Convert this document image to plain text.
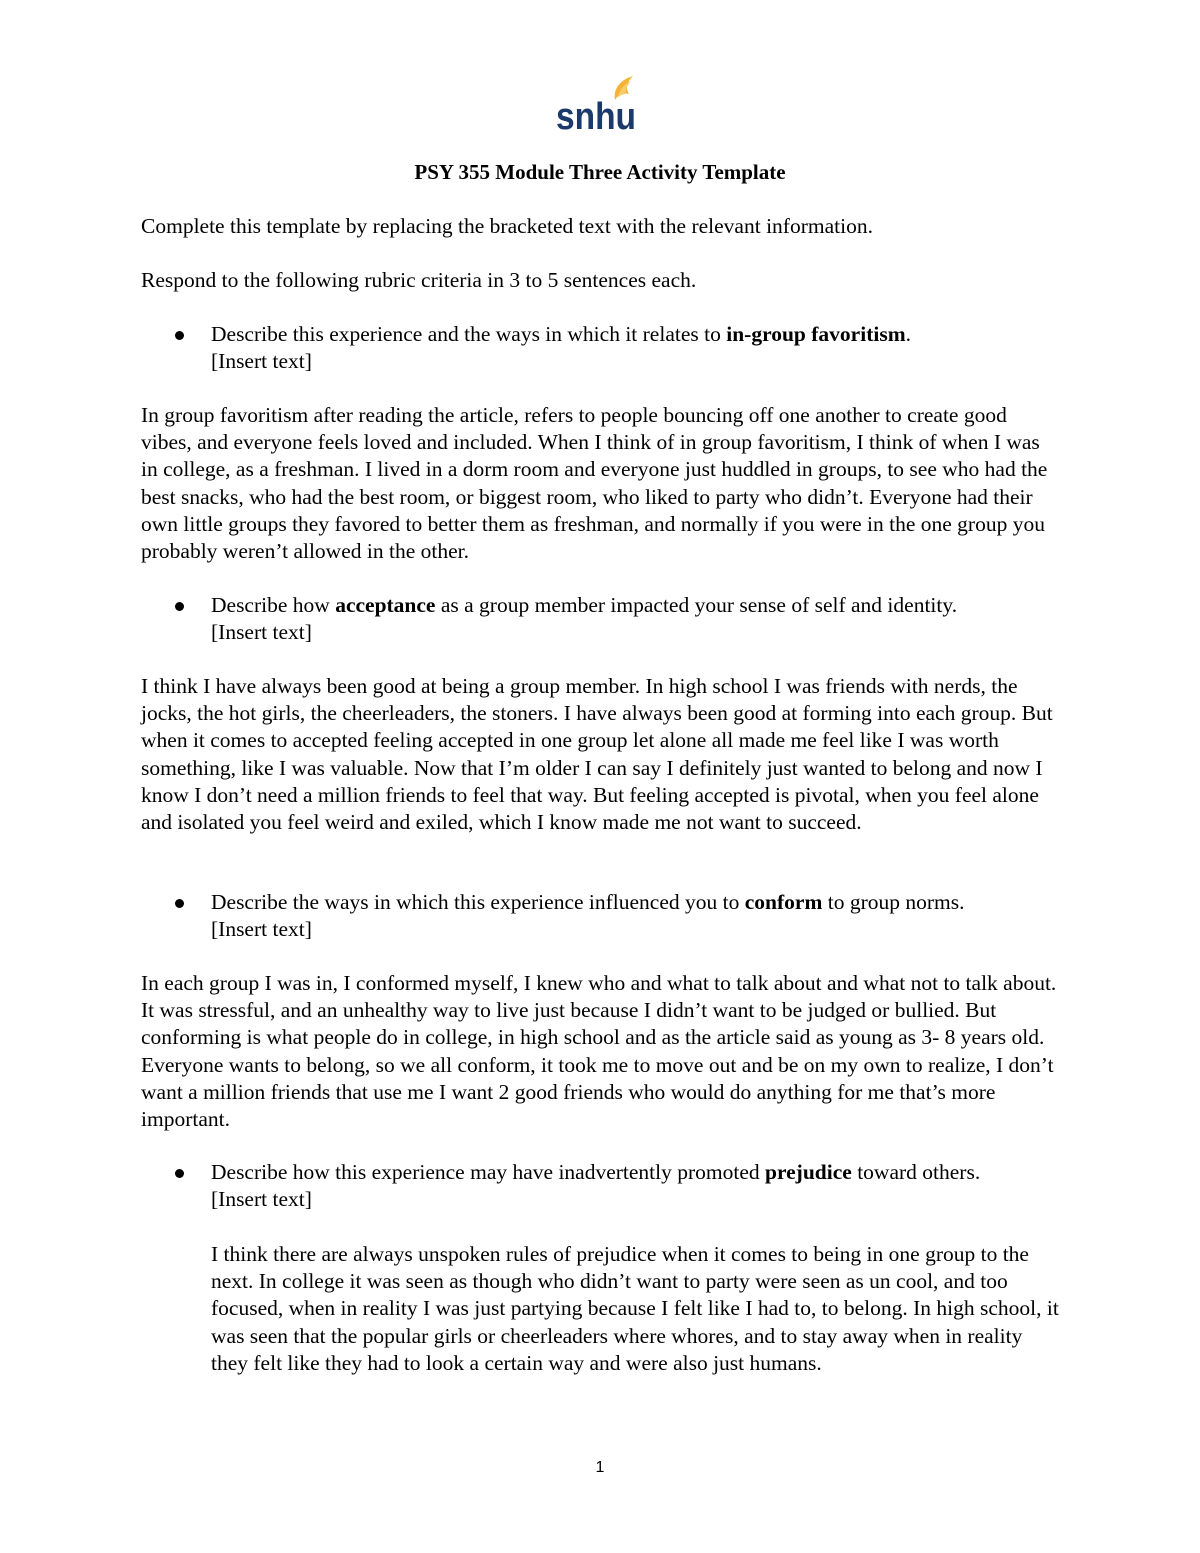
snhu
PSY 355 Module Three Activity Template

Complete this template by replacing the bracketed text with the relevant information.

Respond to the following rubric criteria in 3 to 5 sentences each.

Describe this experience and the ways in which it relates to in-group favoritism.
[Insert text]

In group favoritism after reading the article, refers to people bouncing off one another to create good vibes, and everyone feels loved and included. When I think of in group favoritism, I think of when I was in college, as a freshman. I lived in a dorm room and everyone just huddled in groups, to see who had the best snacks, who had the best room, or biggest room, who liked to party who didn’t. Everyone had their own little groups they favored to better them as freshman, and normally if you were in the one group you probably weren’t allowed in the other.

Describe how acceptance as a group member impacted your sense of self and identity.
[Insert text]

I think I have always been good at being a group member. In high school I was friends with nerds, the jocks, the hot girls, the cheerleaders, the stoners. I have always been good at forming into each group. But when it comes to accepted feeling accepted in one group let alone all made me feel like I was worth something, like I was valuable. Now that I’m older I can say I definitely just wanted to belong and now I know I don’t need a million friends to feel that way. But feeling accepted is pivotal, when you feel alone and isolated you feel weird and exiled, which I know made me not want to succeed.

Describe the ways in which this experience influenced you to conform to group norms.
[Insert text]

In each group I was in, I conformed myself, I knew who and what to talk about and what not to talk about. It was stressful, and an unhealthy way to live just because I didn’t want to be judged or bullied. But conforming is what people do in college, in high school and as the article said as young as 3- 8 years old. Everyone wants to belong, so we all conform, it took me to move out and be on my own to realize, I don’t want a million friends that use me I want 2 good friends who would do anything for me that’s more important.

Describe how this experience may have inadvertently promoted prejudice toward others.
[Insert text]

I think there are always unspoken rules of prejudice when it comes to being in one group to the next. In college it was seen as though who didn’t want to party were seen as un cool, and too focused, when in reality I was just partying because I felt like I had to, to belong. In high school, it was seen that the popular girls or cheerleaders where whores, and to stay away when in reality they felt like they had to look a certain way and were also just humans.

1
